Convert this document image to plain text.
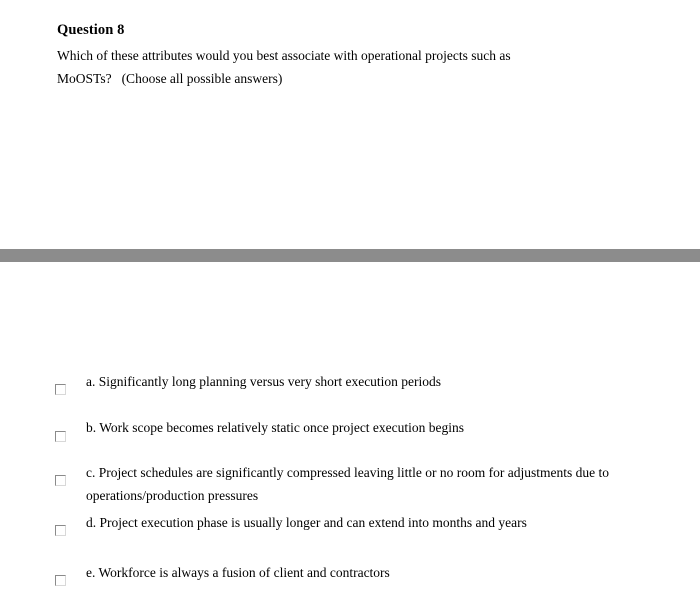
Question 8
Which of these attributes would you best associate with operational projects such as
MoOSTs? (Choose all possible answers)
a. Significantly long planning versus very short execution periods
b. Work scope becomes relatively static once project execution begins
c. Project schedules are significantly compressed leaving little or no room for adjustments due to operations/production pressures
d. Project execution phase is usually longer and can extend into months and years
e. Workforce is always a fusion of client and contractors
